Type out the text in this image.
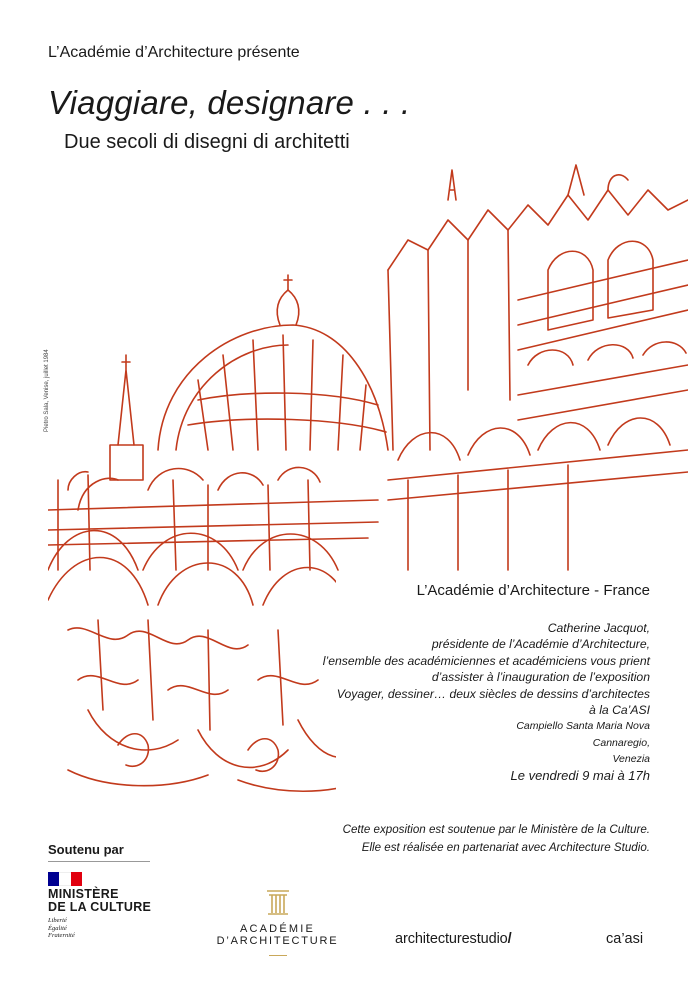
L’Académie d’Architecture présente
Viaggiare, designare . . .
Due secoli di disegni di architetti
Pietro Sala, Venise, juillet 1984
L’Académie d’Architecture - France
Catherine Jacquot,
présidente de l’Académie d’Architecture,
l’ensemble des académiciennes et académiciens vous prient
d’assister à l’inauguration de l’exposition
Voyager, dessiner… deux siècles de dessins d’architectes
à la Ca’ASI
Campiello Santa Maria Nova
Cannaregio,
Venezia
Le vendredi 9 mai à 17h
Cette exposition est soutenue par le Ministère de la Culture.
Elle est réalisée en partenariat avec Architecture Studio.
Soutenu par
MINISTÈRE
DE LA CULTURE
Liberté
Égalité
Fraternité
ACADÉMIE
D’ARCHITECTURE	architecturestudio/	ca’asi
